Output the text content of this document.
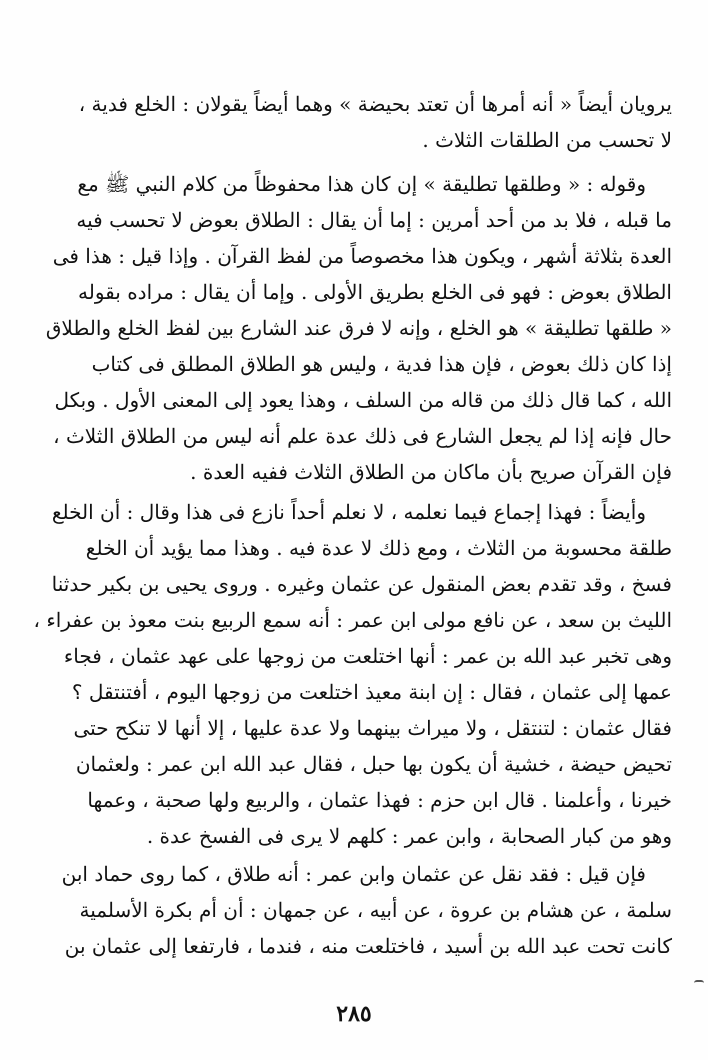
يرويان أيضاً « أنه أمرها أن تعتد بحيضة » وهما أيضاً يقولان : الخلع فدية ،
لا تحسب من الطلقات الثلاث .
وقوله : « وطلقها تطليقة » إن كان هذا محفوظاً من كلام النبي ﷺ مع
ما قبله ، فلا بد من أحد أمرين : إما أن يقال : الطلاق بعوض لا تحسب فيه
العدة بثلاثة أشهر ، ويكون هذا مخصوصاً من لفظ القرآن . وإذا قيل : هذا فى
الطلاق بعوض : فهو فى الخلع بطريق الأولى . وإما أن يقال : مراده بقوله
« طلقها تطليقة » هو الخلع ، وإنه لا فرق عند الشارع بين لفظ الخلع والطلاق
إذا كان ذلك بعوض ، فإن هذا فدية ، وليس هو الطلاق المطلق فى كتاب
الله ، كما قال ذلك من قاله من السلف ، وهذا يعود إلى المعنى الأول . وبكل
حال فإنه إذا لم يجعل الشارع فى ذلك عدة علم أنه ليس من الطلاق الثلاث ،
فإن القرآن صريح بأن ماكان من الطلاق الثلاث ففيه العدة .
وأيضاً : فهذا إجماع فيما نعلمه ، لا نعلم أحداً نازع فى هذا وقال : أن الخلع
طلقة محسوبة من الثلاث ، ومع ذلك لا عدة فيه . وهذا مما يؤيد أن الخلع
فسخ ، وقد تقدم بعض المنقول عن عثمان وغيره . وروى يحيى بن بكير حدثنا
الليث بن سعد ، عن نافع مولى ابن عمر : أنه سمع الربيع بنت معوذ بن عفراء ،
وهى تخبر عبد الله بن عمر : أنها اختلعت من زوجها على عهد عثمان ، فجاء
عمها إلى عثمان ، فقال : إن ابنة معيذ اختلعت من زوجها اليوم ، أفتنتقل ؟
فقال عثمان : لتنتقل ، ولا ميراث بينهما ولا عدة عليها ، إلا أنها لا تنكح حتى
تحيض حيضة ، خشية أن يكون بها حبل ، فقال عبد الله ابن عمر : ولعثمان
خيرنا ، وأعلمنا . قال ابن حزم : فهذا عثمان ، والربيع ولها صحبة ، وعمها
وهو من كبار الصحابة ، وابن عمر : كلهم لا يرى فى الفسخ عدة .
فإن قيل : فقد نقل عن عثمان وابن عمر : أنه طلاق ، كما روى حماد ابن
سلمة ، عن هشام بن عروة ، عن أبيه ، عن جمهان : أن أم بكرة الأسلمية
كانت تحت عبد الله بن أسيد ، فاختلعت منه ، فندما ، فارتفعا إلى عثمان بن
٢٨٥
